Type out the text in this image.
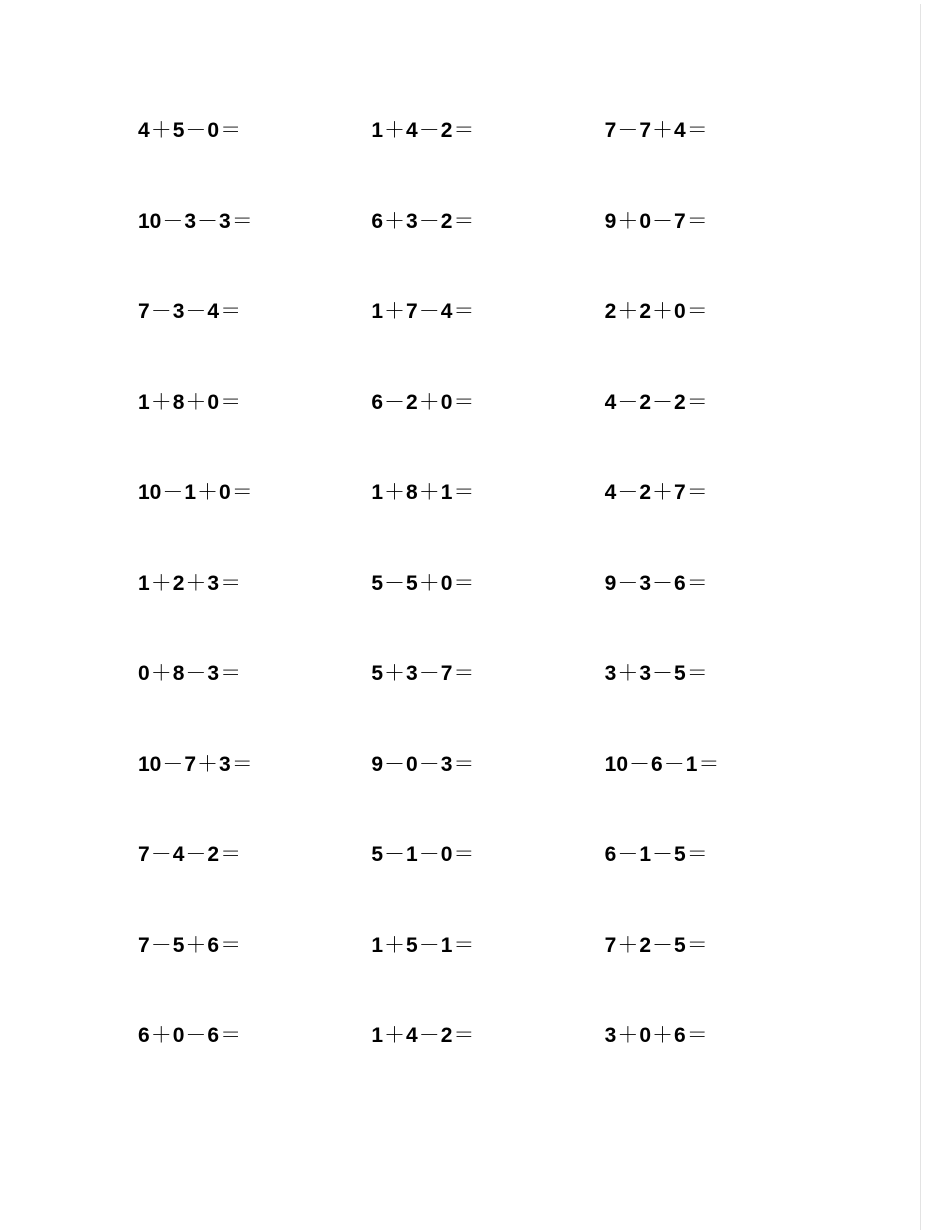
4＋5－0＝	1＋4－2＝	7－7＋4＝
10－3－3＝	6＋3－2＝	9＋0－7＝
7－3－4＝	1＋7－4＝	2＋2＋0＝
1＋8＋0＝	6－2＋0＝	4－2－2＝
10－1＋0＝	1＋8＋1＝	4－2＋7＝
1＋2＋3＝	5－5＋0＝	9－3－6＝
0＋8－3＝	5＋3－7＝	3＋3－5＝
10－7＋3＝	9－0－3＝	10－6－1＝
7－4－2＝	5－1－0＝	6－1－5＝
7－5＋6＝	1＋5－1＝	7＋2－5＝
6＋0－6＝	1＋4－2＝	3＋0＋6＝
